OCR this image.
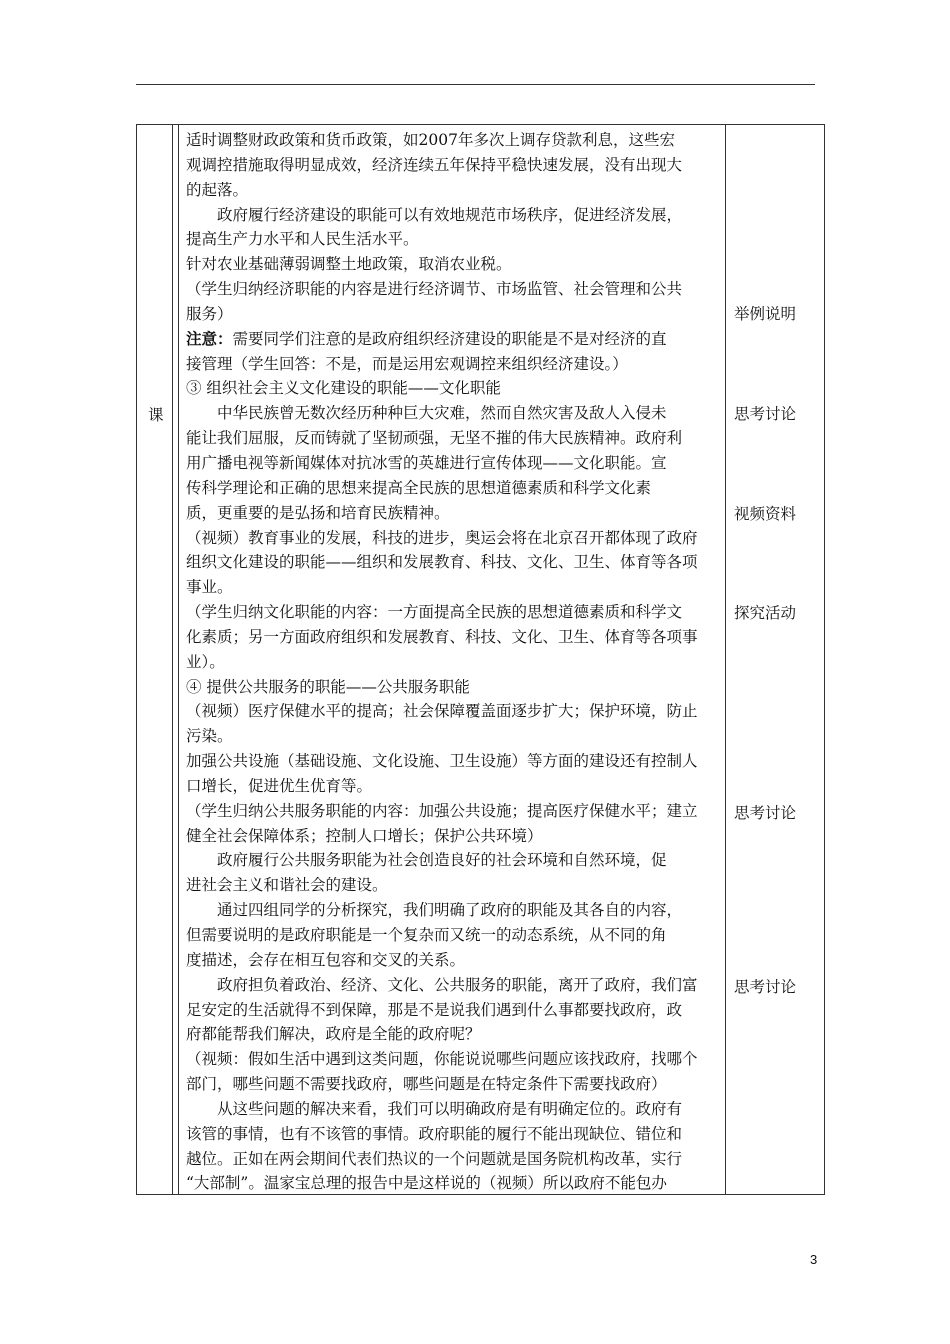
课

适时调整财政政策和货币政策，如2007年多次上调存贷款利息，这些宏

观调控措施取得明显成效，经济连续五年保持平稳快速发展，没有出现大

的起落。

政府履行经济建设的职能可以有效地规范市场秩序，促进经济发展，

提高生产力水平和人民生活水平。

针对农业基础薄弱调整土地政策，取消农业税。

（学生归纳经济职能的内容是进行经济调节、市场监管、社会管理和公共

服务）

注意：需要同学们注意的是政府组织经济建设的职能是不是对经济的直

接管理（学生回答：不是，而是运用宏观调控来组织经济建设。）

③ 组织社会主义文化建设的职能——文化职能

中华民族曾无数次经历种种巨大灾难，然而自然灾害及敌人入侵未

能让我们屈服，反而铸就了坚韧顽强，无坚不摧的伟大民族精神。政府利

用广播电视等新闻媒体对抗冰雪的英雄进行宣传体现——文化职能。宣

传科学理论和正确的思想来提高全民族的思想道德素质和科学文化素

质，更重要的是弘扬和培育民族精神。

（视频）教育事业的发展，科技的进步，奥运会将在北京召开都体现了政府

组织文化建设的职能——组织和发展教育、科技、文化、卫生、体育等各项

事业。

（学生归纳文化职能的内容：一方面提高全民族的思想道德素质和科学文

化素质；另一方面政府组织和发展教育、科技、文化、卫生、体育等各项事

业）。

④ 提供公共服务的职能——公共服务职能

（视频）医疗保健水平的提高；社会保障覆盖面逐步扩大；保护环境，防止

污染。

加强公共设施（基础设施、文化设施、卫生设施）等方面的建设还有控制人

口增长，促进优生优育等。

（学生归纳公共服务职能的内容：加强公共设施；提高医疗保健水平；建立

健全社会保障体系；控制人口增长；保护公共环境）

政府履行公共服务职能为社会创造良好的社会环境和自然环境，促

进社会主义和谐社会的建设。

通过四组同学的分析探究，我们明确了政府的职能及其各自的内容，

但需要说明的是政府职能是一个复杂而又统一的动态系统，从不同的角

度描述，会存在相互包容和交叉的关系。

政府担负着政治、经济、文化、公共服务的职能，离开了政府，我们富

足安定的生活就得不到保障，那是不是说我们遇到什么事都要找政府，政

府都能帮我们解决，政府是全能的政府呢？

（视频：假如生活中遇到这类问题，你能说说哪些问题应该找政府，找哪个

部门，哪些问题不需要找政府，哪些问题是在特定条件下需要找政府）

从这些问题的解决来看，我们可以明确政府是有明确定位的。政府有

该管的事情，也有不该管的事情。政府职能的履行不能出现缺位、错位和

越位。正如在两会期间代表们热议的一个问题就是国务院机构改革，实行

“大部制”。温家宝总理的报告中是这样说的（视频）所以政府不能包办

举例说明
思考讨论
视频资料
探究活动
思考讨论
思考讨论
3
